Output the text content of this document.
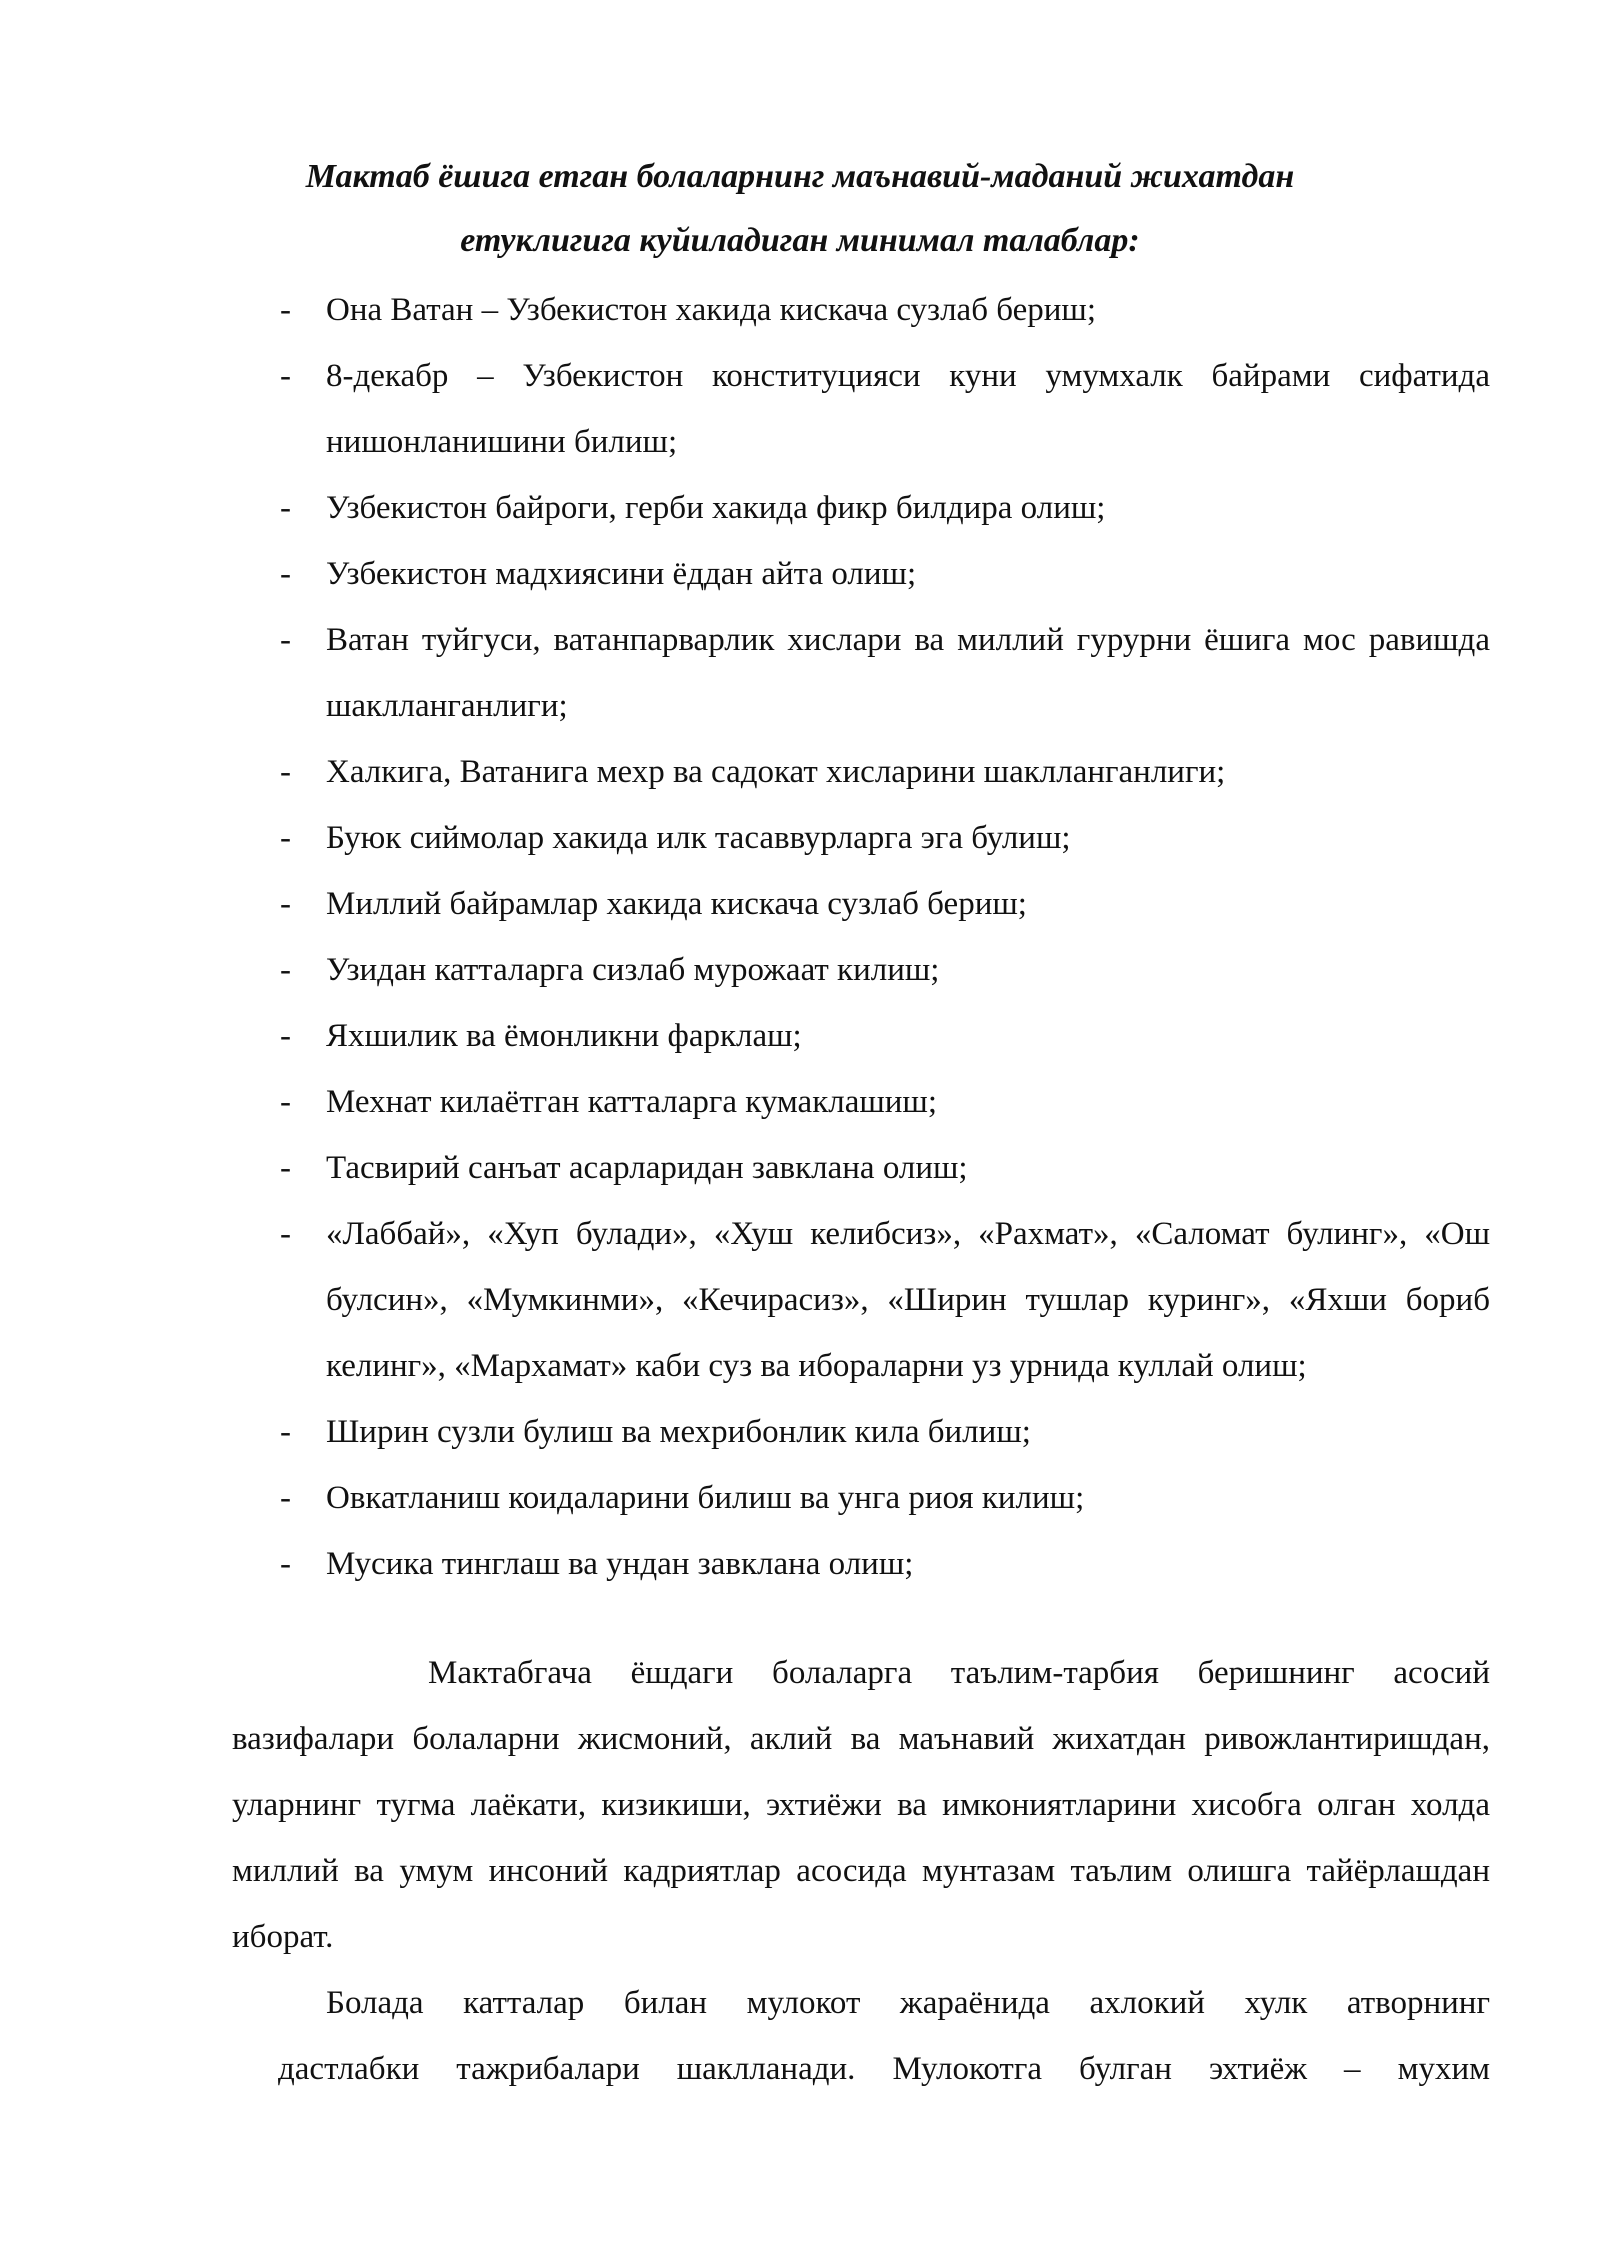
Мактаб ёшига етган болаларнинг маънавий-маданий жихатдан
етуклигига куйиладиган минимал талаблар:
- Она Ватан – Узбекистон хакида кискача сузлаб бериш;
- 8-декабр – Узбекистон конституцияси куни умумхалк байрами сифатида нишонланишини билиш;
- Узбекистон байроги, герби хакида фикр билдира олиш;
- Узбекистон мадхиясини ёддан айта олиш;
- Ватан туйгуси, ватанпарварлик хислари ва миллий гурурни ёшига мос равишда шаклланганлиги;
- Халкига, Ватанига мехр ва садокат хисларини шаклланганлиги;
- Буюк сиймолар хакида илк тасаввурларга эга булиш;
- Миллий байрамлар хакида кискача сузлаб бериш;
- Узидан катталарга сизлаб мурожаат килиш;
- Яхшилик ва ёмонликни фарклаш;
- Мехнат килаётган катталарга кумаклашиш;
- Тасвирий санъат асарларидан завклана олиш;
- «Лаббай», «Хуп булади», «Хуш келибсиз», «Рахмат», «Саломат булинг», «Ош булсин», «Мумкинми», «Кечирасиз», «Ширин тушлар куринг», «Яхши бориб келинг», «Мархамат» каби суз ва ибораларни уз урнида куллай олиш;
- Ширин сузли булиш ва мехрибонлик кила билиш;
- Овкатланиш коидаларини билиш ва унга риоя килиш;
- Мусика тинглаш ва ундан завклана олиш;

Мактабгача ёшдаги болаларга таълим-тарбия беришнинг асосий вазифалари болаларни жисмоний, аклий ва маънавий жихатдан ривожлантиришдан, уларнинг тугма лаёкати, кизикиши, эхтиёжи ва имкониятларини хисобга олган холда миллий ва умум инсоний кадриятлар асосида мунтазам таълим олишга тайёрлашдан иборат.

Болада катталар билан мулокот жараёнида ахлокий хулк атворнинг
дастлабки тажрибалари шаклланади. Мулокотга булган эхтиёж – мухим
